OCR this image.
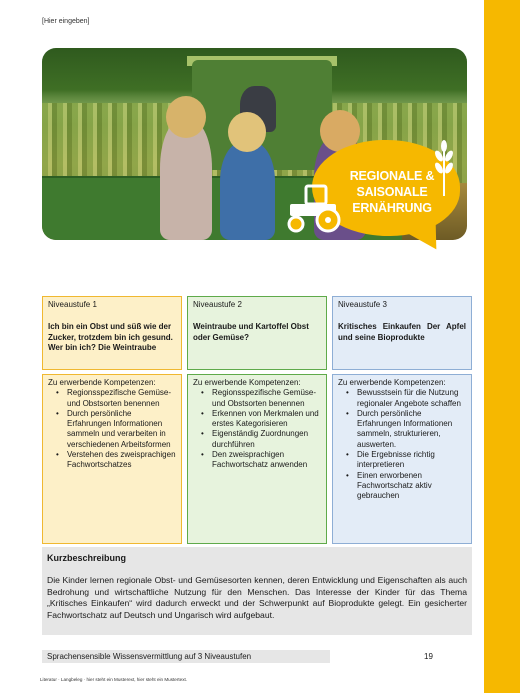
[Hier eingeben]
REGIONALE &
SAISONALE
ERNÄHRUNG
Niveaustufe 1
Ich bin ein Obst und süß wie der Zucker, trotzdem bin ich gesund. Wer bin ich? Die Weintraube
Niveaustufe 2
Weintraube und Kartoffel Obst oder Gemüse?
Niveaustufe 3
Kritisches Einkaufen Der Apfel und seine Bioprodukte
Zu erwerbende Kompetenzen:
• Regionsspezifische Gemüse- und Obstsorten benennen
• Durch persönliche Erfahrungen Informationen sammeln und verarbeiten in verschiedenen Arbeitsformen
• Verstehen des zweisprachigen Fachwortschatzes
Zu erwerbende Kompetenzen:
• Regionsspezifische Gemüse- und Obstsorten benennen
• Erkennen von Merkmalen und erstes Kategorisieren
• Eigenständig Zuordnungen durchführen
• Den zweisprachigen Fachwortschatz anwenden
Zu erwerbende Kompetenzen:
• Bewusstsein für die Nutzung regionaler Angebote schaffen
• Durch persönliche Erfahrungen Informationen sammeln, strukturieren, auswerten.
• Die Ergebnisse richtig interpretieren
• Einen erworbenen Fachwortschatz aktiv gebrauchen
Kurzbeschreibung

Die Kinder lernen regionale Obst- und Gemüsesorten kennen, deren Entwicklung und Eigenschaften als auch Bedrohung und wirtschaftliche Nutzung für den Menschen. Das Interesse der Kinder für das Thema „Kritisches Einkaufen“ wird dadurch erweckt und der Schwerpunkt auf Bioprodukte gelegt. Ein gesicherter Fachwortschatz auf Deutsch und Ungarisch wird aufgebaut.

Sprachensensible Wissensvermittlung auf 3 Niveaustufen	19
Literatur · Langbeleg · hier steht ein Musterext, hier steht ein Mustertext.
